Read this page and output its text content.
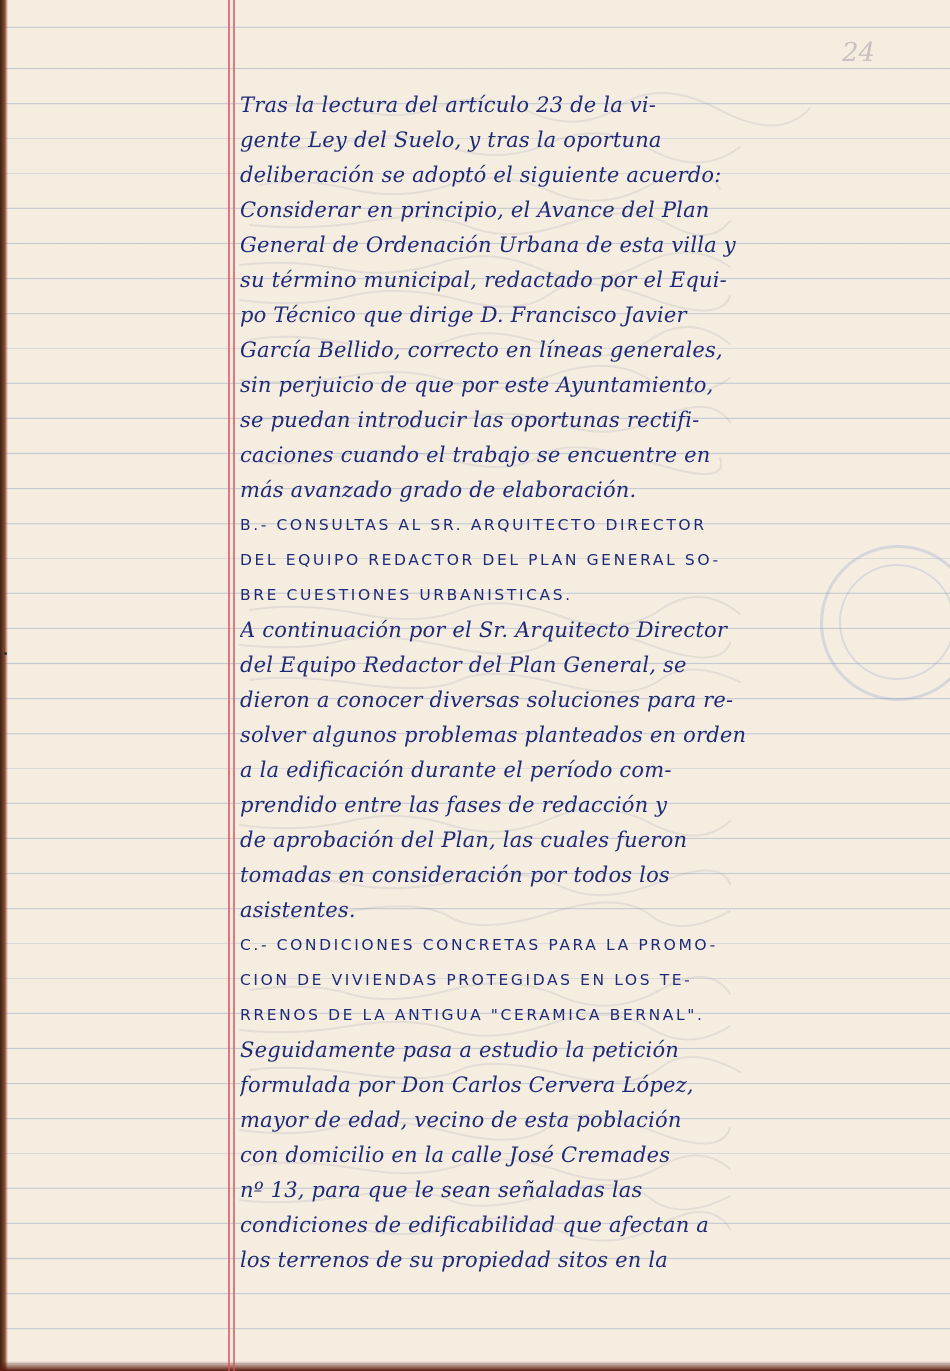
24
Tras la lectura del artículo 23 de la vi-
gente Ley del Suelo, y tras la oportuna
deliberación se adoptó el siguiente acuerdo:
Considerar en principio, el Avance del Plan
General de Ordenación Urbana de esta villa y
su término municipal, redactado por el Equi-
po Técnico que dirige D. Francisco Javier
García Bellido, correcto en líneas generales,
sin perjuicio de que por este Ayuntamiento,
se puedan introducir las oportunas rectifi-
caciones cuando el trabajo se encuentre en
más avanzado grado de elaboración.
B.- CONSULTAS AL SR. ARQUITECTO DIRECTOR
DEL EQUIPO REDACTOR DEL PLAN GENERAL SO-
BRE CUESTIONES URBANISTICAS.
A continuación por el Sr. Arquitecto Director
del Equipo Redactor del Plan General, se
dieron a conocer diversas soluciones para re-
solver algunos problemas planteados en orden
a la edificación durante el período com-
prendido entre las fases de redacción y
de aprobación del Plan, las cuales fueron
tomadas en consideración por todos los
asistentes.
C.- CONDICIONES CONCRETAS PARA LA PROMO-
CION DE VIVIENDAS PROTEGIDAS EN LOS TE-
RRENOS DE LA ANTIGUA "CERAMICA BERNAL".
Seguidamente pasa a estudio la petición
formulada por Don Carlos Cervera López,
mayor de edad, vecino de esta población
con domicilio en la calle José Cremades
nº 13, para que le sean señaladas las
condiciones de edificabilidad que afectan a
los terrenos de su propiedad sitos en la
